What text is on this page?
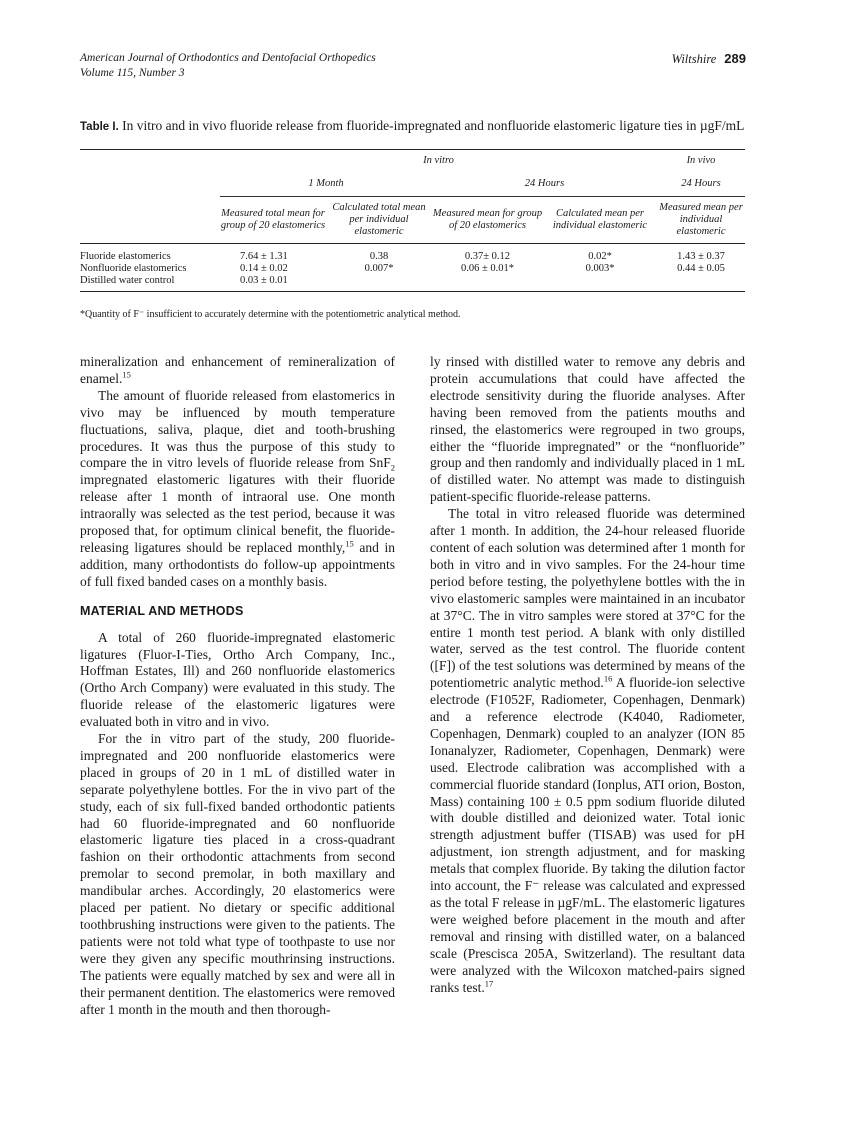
American Journal of Orthodontics and Dentofacial Orthopedics
Volume 115, Number 3
Wiltshire 289
Table I. In vitro and in vivo fluoride release from fluoride-impregnated and nonfluoride elastomeric ligature ties in µgF/mL
	In vitro				In vivo
	1 Month		24 Hours		24 Hours
	Measured total mean for group of 20 elastomerics	Calculated total mean per individual elastomeric	Measured mean for group of 20 elastomerics	Calculated mean per individual elastomeric	Measured mean per individual elastomeric
Fluoride elastomerics	7.64 ± 1.31	0.38	0.37± 0.12	0.02*	1.43 ± 0.37
Nonfluoride elastomerics	0.14 ± 0.02	0.007*	0.06 ± 0.01*	0.003*	0.44 ± 0.05
Distilled water control	0.03 ± 0.01				
*Quantity of F⁻ insufficient to accurately determine with the potentiometric analytical method.

mineralization and enhancement of remineralization of enamel.$^{15}$

The amount of fluoride released from elastomerics in vivo may be influenced by mouth temperature fluctuations, saliva, plaque, diet and tooth-brushing procedures. It was thus the purpose of this study to compare the in vitro levels of fluoride release from SnF$_2$ impregnated elastomeric ligatures with their fluoride release after 1 month of intraoral use. One month intraorally was selected as the test period, because it was proposed that, for optimum clinical benefit, the fluoride-releasing ligatures should be replaced monthly,$^{15}$ and in addition, many orthodontists do follow-up appointments of full fixed banded cases on a monthly basis.

MATERIAL AND METHODS

A total of 260 fluoride-impregnated elastomeric ligatures (Fluor-I-Ties, Ortho Arch Company, Inc., Hoffman Estates, Ill) and 260 nonfluoride elastomerics (Ortho Arch Company) were evaluated in this study. The fluoride release of the elastomeric ligatures were evaluated both in vitro and in vivo.

For the in vitro part of the study, 200 fluoride-impregnated and 200 nonfluoride elastomerics were placed in groups of 20 in 1 mL of distilled water in separate polyethylene bottles. For the in vivo part of the study, each of six full-fixed banded orthodontic patients had 60 fluoride-impregnated and 60 nonfluoride elastomeric ligature ties placed in a cross-quadrant fashion on their orthodontic attachments from second premolar to second premolar, in both maxillary and mandibular arches. Accordingly, 20 elastomerics were placed per patient. No dietary or specific additional toothbrushing instructions were given to the patients. The patients were not told what type of toothpaste to use nor were they given any specific mouthrinsing instructions. The patients were equally matched by sex and were all in their permanent dentition. The elastomerics were removed after 1 month in the mouth and then thorough-

ly rinsed with distilled water to remove any debris and protein accumulations that could have affected the electrode sensitivity during the fluoride analyses. After having been removed from the patients mouths and rinsed, the elastomerics were regrouped in two groups, either the “fluoride impregnated” or the “nonfluoride” group and then randomly and individually placed in 1 mL of distilled water. No attempt was made to distinguish patient-specific fluoride-release patterns.

The total in vitro released fluoride was determined after 1 month. In addition, the 24-hour released fluoride content of each solution was determined after 1 month for both in vitro and in vivo samples. For the 24-hour time period before testing, the polyethylene bottles with the in vivo elastomeric samples were maintained in an incubator at 37°C. The in vitro samples were stored at 37°C for the entire 1 month test period. A blank with only distilled water, served as the test control. The fluoride content ([F]) of the test solutions was determined by means of the potentiometric analytic method.$^{16}$ A fluoride-ion selective electrode (F1052F, Radiometer, Copenhagen, Denmark) and a reference electrode (K4040, Radiometer, Copenhagen, Denmark) coupled to an analyzer (ION 85 Ionanalyzer, Radiometer, Copenhagen, Denmark) were used. Electrode calibration was accomplished with a commercial fluoride standard (Ionplus, ATI orion, Boston, Mass) containing 100 ± 0.5 ppm sodium fluoride diluted with double distilled and deionized water. Total ionic strength adjustment buffer (TISAB) was used for pH adjustment, ion strength adjustment, and for masking metals that complex fluoride. By taking the dilution factor into account, the F⁻ release was calculated and expressed as the total F release in µgF/mL. The elastomeric ligatures were weighed before placement in the mouth and after removal and rinsing with distilled water, on a balanced scale (Prescisca 205A, Switzerland). The resultant data were analyzed with the Wilcoxon matched-pairs signed ranks test.$^{17}$
